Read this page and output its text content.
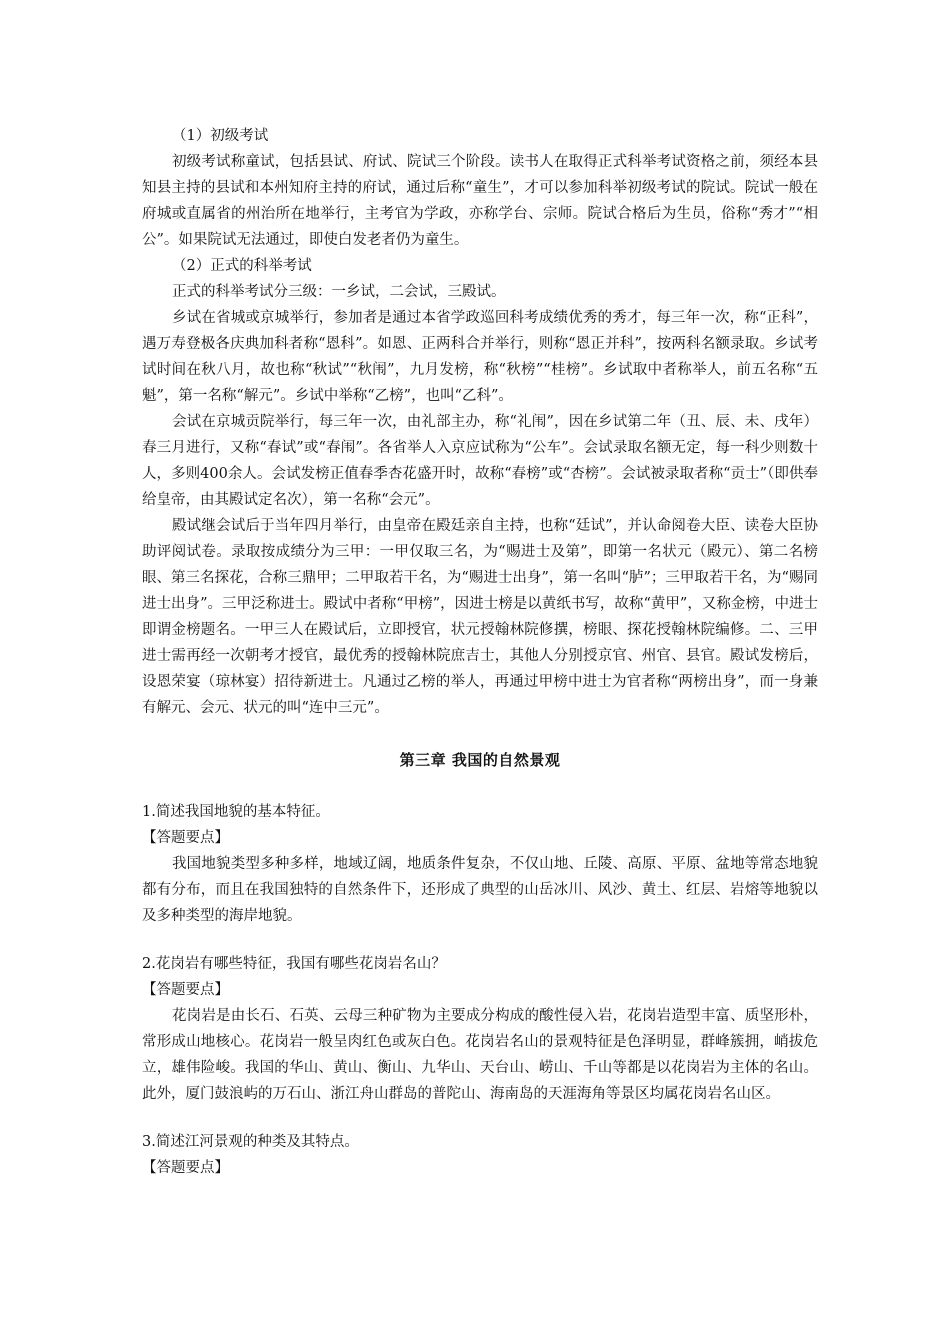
（1）初级考试

初级考试称童试，包括县试、府试、院试三个阶段。读书人在取得正式科举考试资格之前，须经本县知县主持的县试和本州知府主持的府试，通过后称“童生”，才可以参加科举初级考试的院试。院试一般在府城或直属省的州治所在地举行，主考官为学政，亦称学台、宗师。院试合格后为生员，俗称“秀才”“相公”。如果院试无法通过，即使白发老者仍为童生。

（2）正式的科举考试

正式的科举考试分三级：一乡试，二会试，三殿试。

乡试在省城或京城举行，参加者是通过本省学政巡回科考成绩优秀的秀才，每三年一次，称“正科”，遇万寿登极各庆典加科者称“恩科”。如恩、正两科合并举行，则称“恩正并科”，按两科名额录取。乡试考试时间在秋八月，故也称“秋试”“秋闱”，九月发榜，称“秋榜”“桂榜”。乡试取中者称举人，前五名称“五魁”，第一名称“解元”。乡试中举称“乙榜”，也叫“乙科”。

会试在京城贡院举行，每三年一次，由礼部主办，称“礼闱”，因在乡试第二年（丑、辰、未、戌年）春三月进行，又称“春试”或“春闱”。各省举人入京应试称为“公车”。会试录取名额无定，每一科少则数十人，多则400余人。会试发榜正值春季杏花盛开时，故称“春榜”或“杏榜”。会试被录取者称“贡士”（即供奉给皇帝，由其殿试定名次），第一名称“会元”。

殿试继会试后于当年四月举行，由皇帝在殿廷亲自主持，也称“廷试”，并认命阅卷大臣、读卷大臣协助评阅试卷。录取按成绩分为三甲：一甲仅取三名，为“赐进士及第”，即第一名状元（殿元）、第二名榜眼、第三名探花，合称三鼎甲；二甲取若干名，为“赐进士出身”，第一名叫“胪”；三甲取若干名，为“赐同进士出身”。三甲泛称进士。殿试中者称“甲榜”，因进士榜是以黄纸书写，故称“黄甲”，又称金榜，中进士即谓金榜题名。一甲三人在殿试后，立即授官，状元授翰林院修撰，榜眼、探花授翰林院编修。二、三甲进士需再经一次朝考才授官，最优秀的授翰林院庶吉士，其他人分别授京官、州官、县官。殿试发榜后，设恩荣宴（琼林宴）招待新进士。凡通过乙榜的举人，再通过甲榜中进士为官者称“两榜出身”，而一身兼有解元、会元、状元的叫“连中三元”。

第三章 我国的自然景观

1.简述我国地貌的基本特征。

【答题要点】

我国地貌类型多种多样，地域辽阔，地质条件复杂，不仅山地、丘陵、高原、平原、盆地等常态地貌都有分布，而且在我国独特的自然条件下，还形成了典型的山岳冰川、风沙、黄土、红层、岩熔等地貌以及多种类型的海岸地貌。

2.花岗岩有哪些特征，我国有哪些花岗岩名山？

【答题要点】

花岗岩是由长石、石英、云母三种矿物为主要成分构成的酸性侵入岩，花岗岩造型丰富、质坚形朴，常形成山地核心。花岗岩一般呈肉红色或灰白色。花岗岩名山的景观特征是色泽明显，群峰簇拥，峭拔危立，雄伟险峻。我国的华山、黄山、衡山、九华山、天台山、崂山、千山等都是以花岗岩为主体的名山。此外，厦门鼓浪屿的万石山、浙江舟山群岛的普陀山、海南岛的天涯海角等景区均属花岗岩名山区。

3.简述江河景观的种类及其特点。

【答题要点】
